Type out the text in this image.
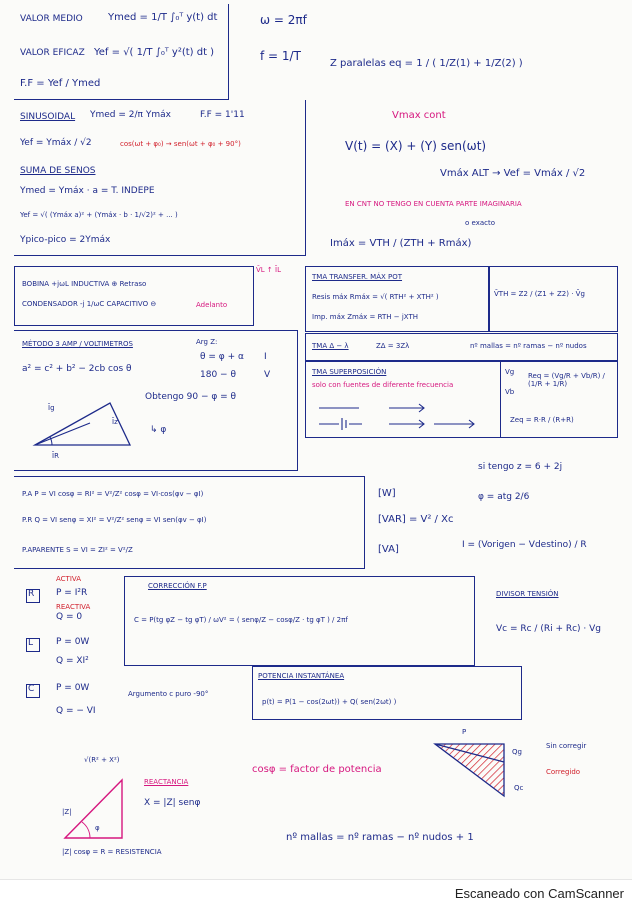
VALOR MEDIO	Ymed = 1/T ∫₀ᵀ y(t) dt
VALOR EFICAZ Yef = √( 1/T ∫₀ᵀ y²(t) dt )
F.F = Yef / Ymed
ω = 2πf
f = 1/T
Z paralelas eq = 1 / ( 1/Z(1) + 1/Z(2) )
SINUSOIDAL Ymed = 2/π Ymáx	F.F = 1'11
Yef = Ymáx / √2	cos(ωt + φ₀) → sen(ωt + φ₀ + 90°)
SUMA DE SENOS
Ymed = Ymáx · a = T. INDEPE
Yef = √( (Ymáx a)² + (Ymáx · b · 1/√2)² + ... )
Ypico-pico = 2Ymáx
Vmax cont
V(t) = (X) + (Y) sen(ωt)
Vmáx ALT → Vef = Vmáx / √2
EN CNT NO TENGO EN CUENTA PARTE IMAGINARIA
o exacto
Imáx = VTH / (ZTH + Rmáx)
BOBINA +jωL INDUCTIVA ⊕ Retraso
CONDENSADOR -j 1/ωC CAPACITIVO ⊖	Adelanto
V̄L ↑ ĪL
MÉTODO 3 AMP / VOLTIMETROS	Arg Z:
a² = c² + b² − 2cb cos θ
θ = φ + α
180 − θ
I
V
Obtengo 90 − φ = θ
↳ φ
Īg
Īz
ĪR
TMA TRANSFER. MÁX POT
Resis máx Rmáx = √( RTH² + XTH² )
Imp. máx Zmáx = RTH − jXTH
V̄TH = Z2 / (Z1 + Z2) · V̄g
TMA Δ − λ	ZΔ = 3Zλ	nº mallas = nº ramas − nº nudos
TMA SUPERPOSICIÓN
solo con fuentes de diferente frecuencia
Vg
Vb
Req = (Vg/R + Vb/R) / (1/R + 1/R)
Zeq = R·R / (R+R)
si tengo z = 6 + 2j
φ = atg 2/6
P.A P = VI cosφ = RI² = V²/Z² cosφ = VI·cos(φv − φI)	[W]
P.R Q = VI senφ = XI² = V²/Z² senφ = VI sen(φv − φI)	[VAR] = V² / Xc
P.APARENTE S = VI = ZI² = V²/Z	[VA]	I = (Vorigen − Vdestino) / R
ACTIVA
R P = I²R
REACTIVA
Q = 0
L	P = 0W
Q = XI²
C P = 0W
Q = − VI
Argumento c puro -90°
CORRECCIÓN F.P
C = P(tg φZ − tg φT) / ωV² = ( senφ/Z − cosφ/Z · tg φT ) / 2πf
POTENCIA INSTANTÁNEA
p(t) = P(1 − cos(2ωt)) + Q( sen(2ωt) )
DIVISOR TENSIÓN
Vc = Rc / (Ri + Rc) · Vg
|Z|
√(R² + X²)
REACTANCIA
X = |Z| senφ
φ
|Z| cosφ = R = RESISTENCIA
cosφ = factor de potencia
P
Qg
Qc
Sin corregir
Corregido
nº mallas = nº ramas − nº nudos + 1
Escaneado con CamScanner
